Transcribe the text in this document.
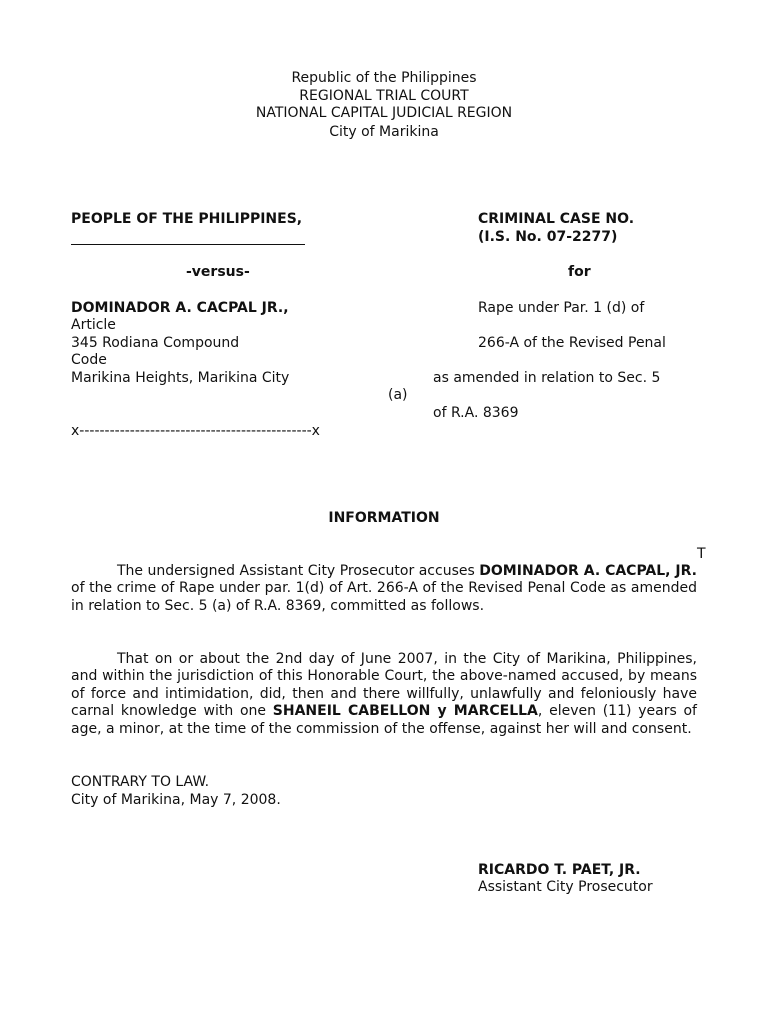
Republic of the Philippines
REGIONAL TRIAL COURT
NATIONAL CAPITAL JUDICIAL REGION
City of Marikina
PEOPLE OF THE PHILIPPINES,
-versus-
DOMINADOR A. CACPAL JR.,
Article
345 Rodiana Compound
Code
Marikina Heights, Marikina City
x----------------------------------------------x
CRIMINAL CASE NO.
(I.S. No. 07-2277)
for
Rape under Par. 1 (d) of
266-A of the Revised Penal
as amended in relation to Sec. 5
(a)
of R.A. 8369
INFORMATION
T
The undersigned Assistant City Prosecutor accuses DOMINADOR A. CACPAL, JR. of the crime of Rape under par. 1(d) of Art. 266-A of the Revised Penal Code as amended in relation to Sec. 5 (a) of R.A. 8369, committed as follows.
That on or about the 2nd day of June 2007, in the City of Marikina, Philippines, and within the jurisdiction of this Honorable Court, the above-named accused, by means of force and intimidation, did, then and there willfully, unlawfully and feloniously have carnal knowledge with one SHANEIL CABELLON y MARCELLA, eleven (11) years of age, a minor, at the time of the commission of the offense, against her will and consent.
CONTRARY TO LAW.
City of Marikina, May 7, 2008.
RICARDO T. PAET, JR.
Assistant City Prosecutor
